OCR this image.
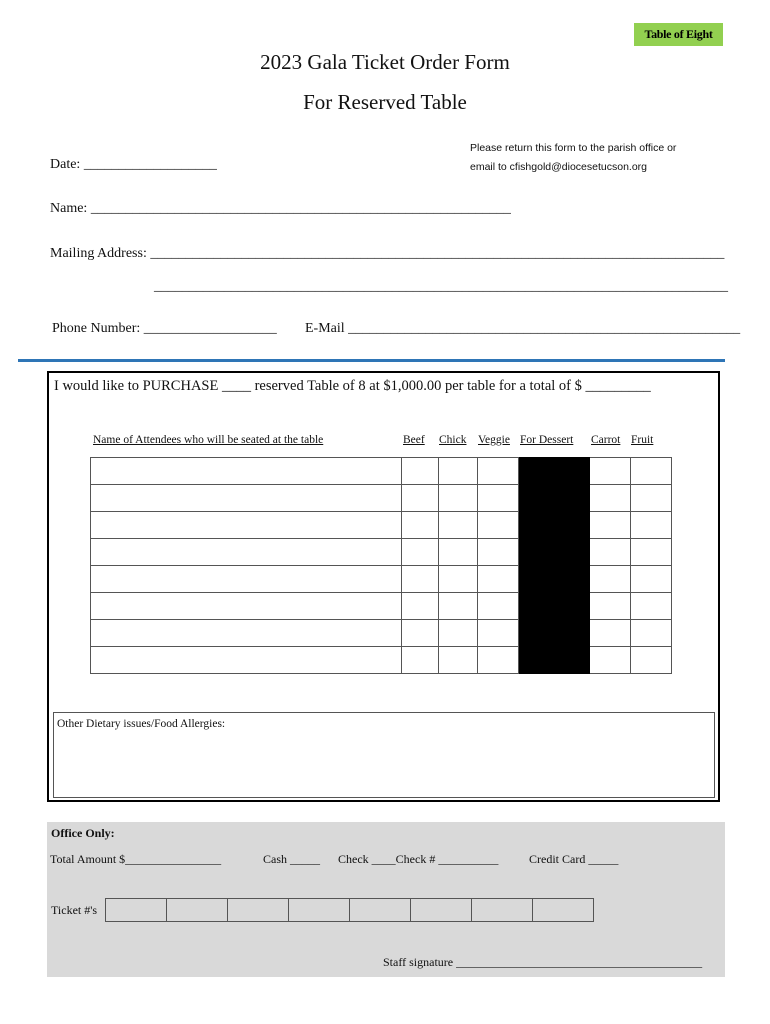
Table of Eight
2023 Gala Ticket Order Form
For Reserved Table
Please return this form to the parish office or
email to cfishgold@diocesetucson.org
Date: ___________________
Name: ____________________________________________________________
Mailing Address: __________________________________________________________________________________
__________________________________________________________________________________
Phone Number: ___________________ E-Mail ________________________________________________________
I would like to PURCHASE ____ reserved Table of 8 at $1,000.00 per table for a total of $ _________
Name of Attendees who will be seated at the table	Beef Chick Veggie For Dessert Carrot Fruit

Other Dietary issues/Food Allergies:
Office Only:
Total Amount $________________	Cash _____ Check ____Check # __________	Credit Card _____
Ticket #'s

Staff signature _________________________________________
